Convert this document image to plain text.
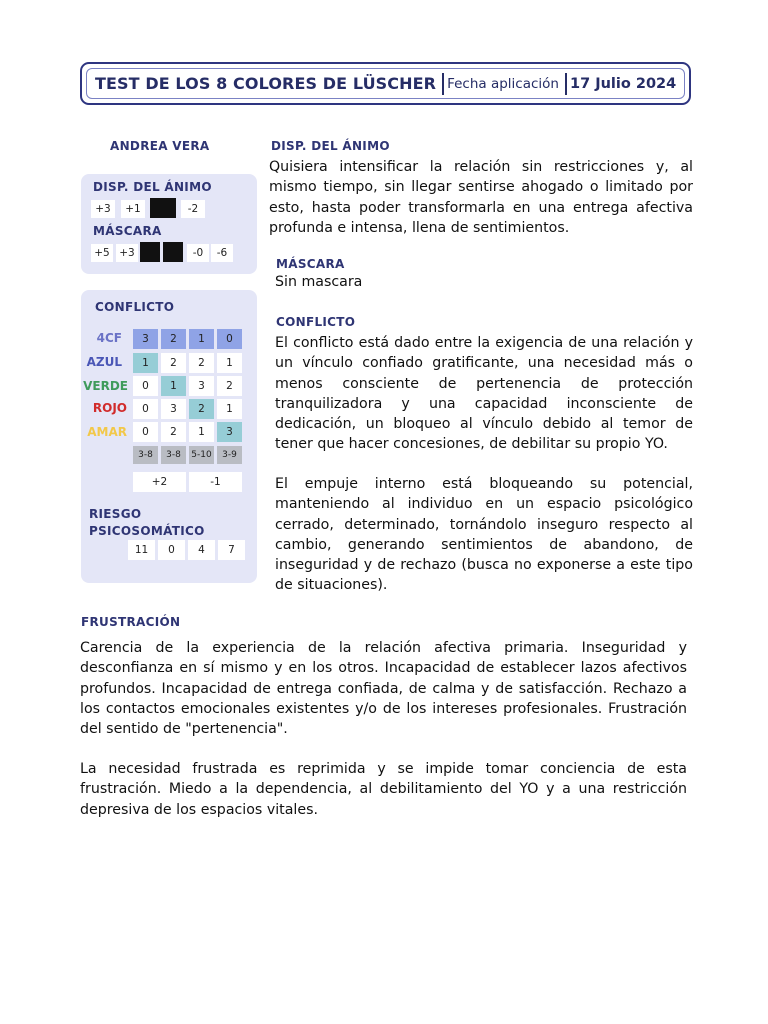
TEST DE LOS 8 COLORES DE LÜSCHER Fecha aplicación 17 Julio 2024
ANDREA VERA
DISP. DEL ÁNIMO
+3	+1	-2
MÁSCARA
+5 +3	-0	-6
CONFLICTO
4CF	3	2	1	0
AZUL	1	2	2	1
VERDE	0	1	3	2
ROJO	0	3	2	1
AMAR	0	2	1	3
3-8	3-8	5-10	3-9
+2	-1
RIESGO
PSICOSOMÁTICO
11	0	4	7
DISP. DEL ÁNIMO
Quisiera intensificar la relación sin restricciones y, al mismo tiempo, sin llegar sentirse ahogado o limitado por esto, hasta poder transformarla en una entrega afectiva profunda e intensa, llena de sentimientos.
MÁSCARA
Sin mascara
CONFLICTO
El conflicto está dado entre la exigencia de una relación y un vínculo confiado gratificante, una necesidad más o menos consciente de pertenencia de protección tranquilizadora y una capacidad inconsciente de dedicación, un bloqueo al vínculo debido al temor de tener que hacer concesiones, de debilitar su propio YO.
El empuje interno está bloqueando su potencial, manteniendo al individuo en un espacio psicológico cerrado, determinado, tornándolo inseguro respecto al cambio, generando sentimientos de abandono, de inseguridad y de rechazo (busca no exponerse a este tipo de situaciones).
FRUSTRACIÓN
Carencia de la experiencia de la relación afectiva primaria. Inseguridad y desconfianza en sí mismo y en los otros. Incapacidad de establecer lazos afectivos profundos. Incapacidad de entrega confiada, de calma y de satisfacción. Rechazo a los contactos emocionales existentes y/o de los intereses profesionales. Frustración del sentido de "pertenencia".
La necesidad frustrada es reprimida y se impide tomar conciencia de esta frustración. Miedo a la dependencia, al debilitamiento del YO y a una restricción depresiva de los espacios vitales.
